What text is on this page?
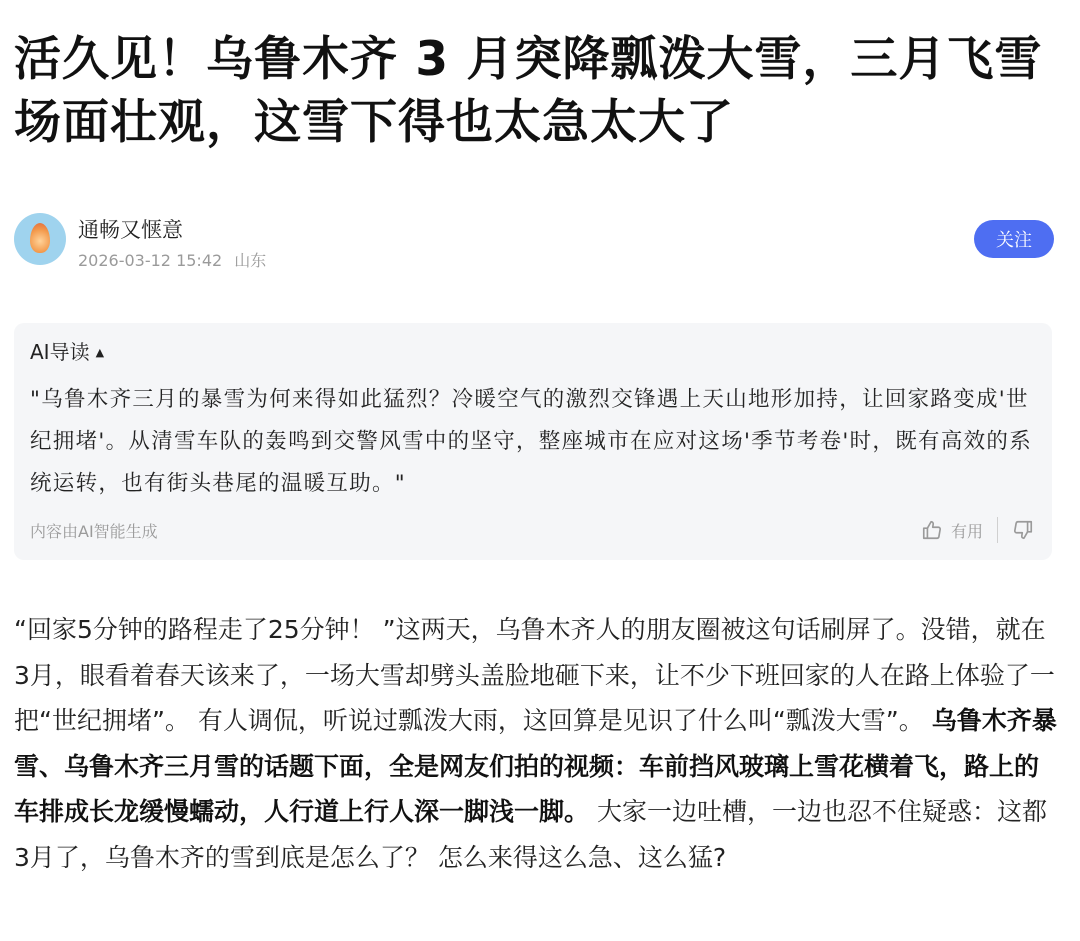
活久见！乌鲁木齐 3 月突降瓢泼大雪，三月飞雪场面壮观，这雪下得也太急太大了
通畅又惬意
2026-03-12 15:42 山东
关注
AI导读 ▲
"乌鲁木齐三月的暴雪为何来得如此猛烈？冷暖空气的激烈交锋遇上天山地形加持，让回家路变成'世纪拥堵'。从清雪车队的轰鸣到交警风雪中的坚守，整座城市在应对这场'季节考卷'时，既有高效的系统运转，也有街头巷尾的温暖互助。"
内容由AI智能生成	有用

“回家5分钟的路程走了25分钟！ ”这两天，乌鲁木齐人的朋友圈被这句话刷屏了。没错，就在3月，眼看着春天该来了，一场大雪却劈头盖脸地砸下来，让不少下班回家的人在路上体验了一把“世纪拥堵”。 有人调侃，听说过瓢泼大雨，这回算是见识了什么叫“瓢泼大雪”。 乌鲁木齐暴雪、乌鲁木齐三月雪的话题下面，全是网友们拍的视频：车前挡风玻璃上雪花横着飞，路上的车排成长龙缓慢蠕动，人行道上行人深一脚浅一脚。 大家一边吐槽，一边也忍不住疑惑：这都3月了，乌鲁木齐的雪到底是怎么了？ 怎么来得这么急、这么猛?
